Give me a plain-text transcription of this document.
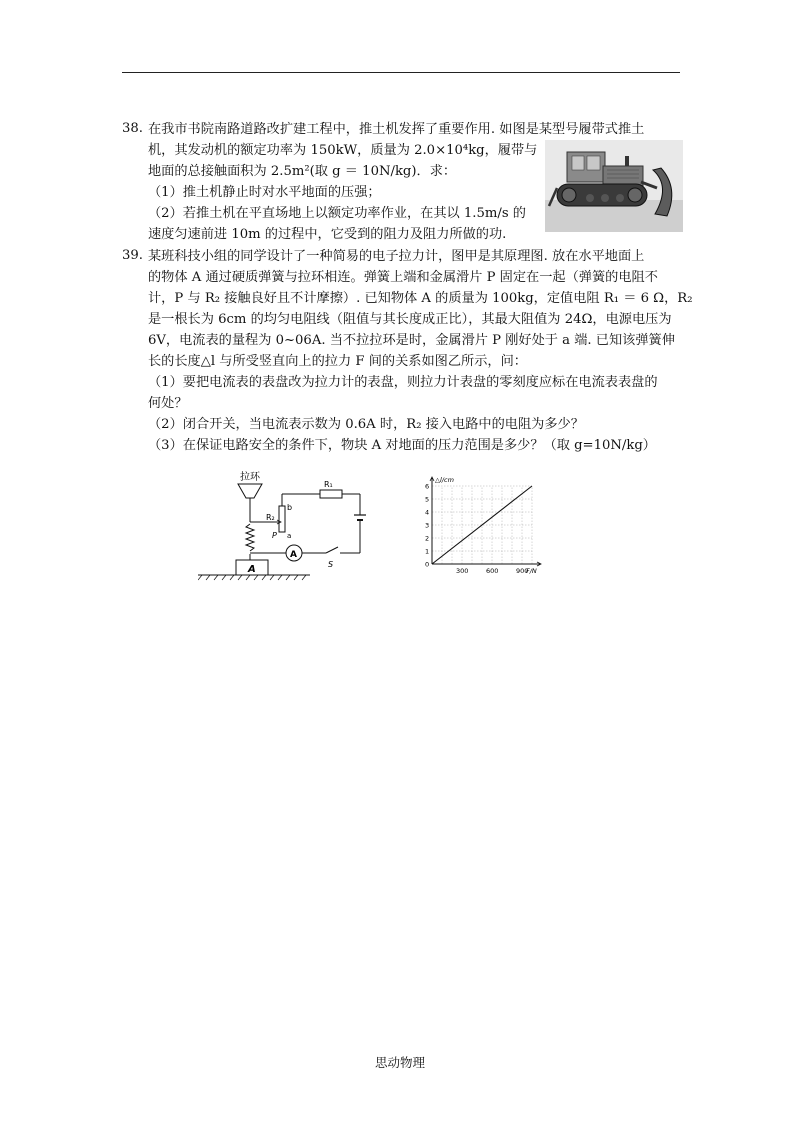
38. 在我市书院南路道路改扩建工程中，推土机发挥了重要作用. 如图是某型号履带式推土
机，其发动机的额定功率为 150kW，质量为 2.0×10⁴kg，履带与
地面的总接触面积为 2.5m²(取 g ＝ 10N/kg)．求：
（1）推土机静止时对水平地面的压强；
（2）若推土机在平直场地上以额定功率作业，在其以 1.5m/s 的
速度匀速前进 10m 的过程中，它受到的阻力及阻力所做的功.
39. 某班科技小组的同学设计了一种简易的电子拉力计，图甲是其原理图. 放在水平地面上
的物体 A 通过硬质弹簧与拉环相连。弹簧上端和金属滑片 P 固定在一起（弹簧的电阻不
计，P 与 R₂ 接触良好且不计摩擦）. 已知物体 A 的质量为 100kg，定值电阻 R₁ ＝ 6 Ω，R₂
是一根长为 6cm 的均匀电阻线（阻值与其长度成正比），其最大阻值为 24Ω，电源电压为
6V，电流表的量程为 0~06A. 当不拉拉环是时，金属滑片 P 刚好处于 a 端. 已知该弹簧伸
长的长度△l 与所受竖直向上的拉力 F 间的关系如图乙所示，问：
（1）要把电流表的表盘改为拉力计的表盘，则拉力计表盘的零刻度应标在电流表表盘的
何处？
（2）闭合开关，当电流表示数为 0.6A 时，R₂ 接入电路中的电阻为多少？
（3）在保证电路安全的条件下，物块 A 对地面的压力范围是多少？（取 g=10N/kg）
拉环
R₂
b
a
P
R₁
A
S
A
△l/cm
F/N
0
1
2
3
4
5
6
300	600	900
思动物理
